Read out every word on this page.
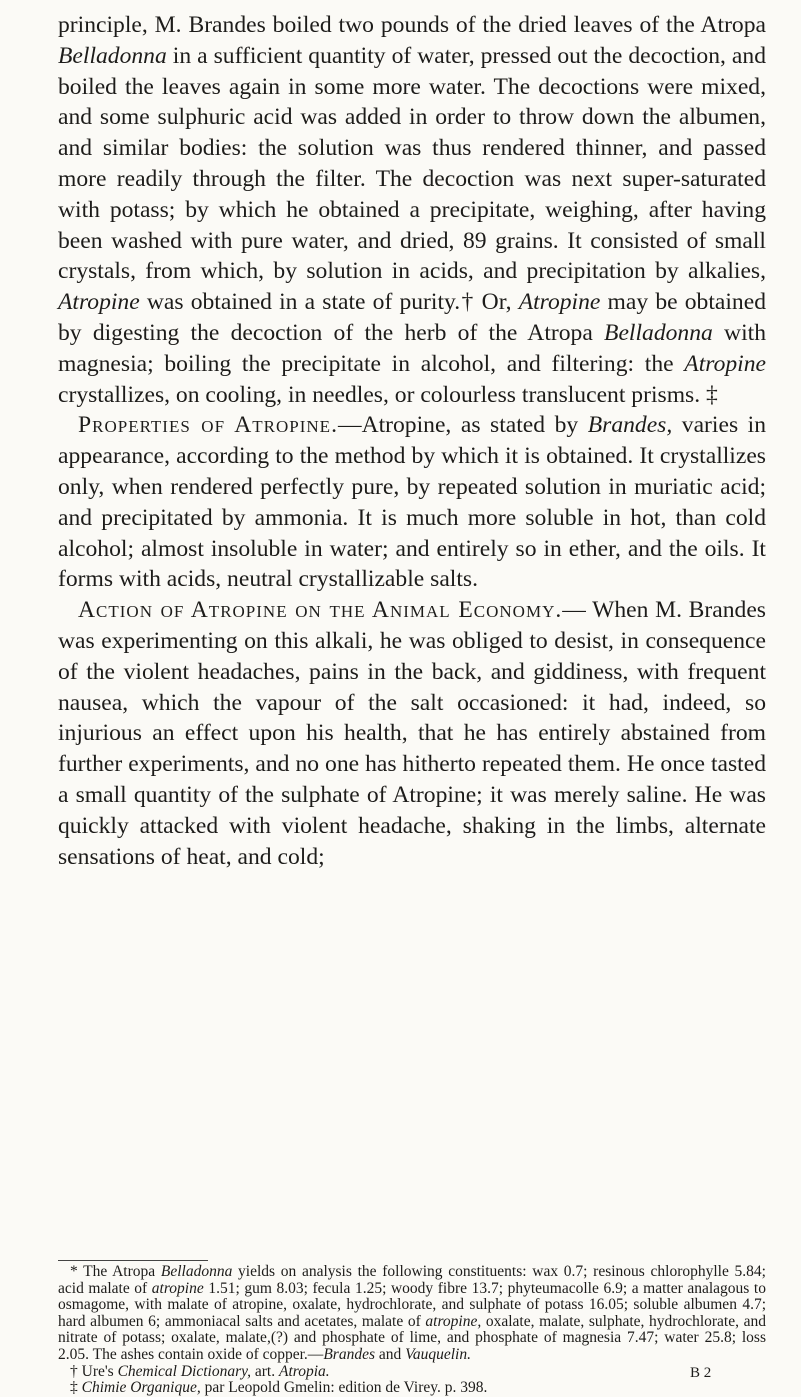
principle, M. Brandes boiled two pounds of the dried leaves of the Atropa Belladonna in a sufficient quantity of water, pressed out the decoction, and boiled the leaves again in some more water. The decoctions were mixed, and some sulphuric acid was added in order to throw down the albumen, and similar bodies: the solution was thus rendered thinner, and passed more readily through the filter. The decoction was next super-saturated with potass; by which he obtained a precipitate, weighing, after having been washed with pure water, and dried, 89 grains. It consisted of small crystals, from which, by solution in acids, and precipitation by alkalies, Atropine was obtained in a state of purity.† Or, Atropine may be obtained by digesting the decoction of the herb of the Atropa Belladonna with magnesia; boiling the precipitate in alcohol, and filtering: the Atropine crystallizes, on cooling, in needles, or colourless translucent prisms. ‡

Properties of Atropine.—Atropine, as stated by Brandes, varies in appearance, according to the method by which it is obtained. It crystallizes only, when rendered perfectly pure, by repeated solution in muriatic acid; and precipitated by ammonia. It is much more soluble in hot, than cold alcohol; almost insoluble in water; and entirely so in ether, and the oils. It forms with acids, neutral crystallizable salts.

Action of Atropine on the Animal Economy.— When M. Brandes was experimenting on this alkali, he was obliged to desist, in consequence of the violent headaches, pains in the back, and giddiness, with frequent nausea, which the vapour of the salt occasioned: it had, indeed, so injurious an effect upon his health, that he has entirely abstained from further experiments, and no one has hitherto repeated them. He once tasted a small quantity of the sulphate of Atropine; it was merely saline. He was quickly attacked with violent headache, shaking in the limbs, alternate sensations of heat, and cold;

* The Atropa Belladonna yields on analysis the following constituents: wax 0.7; resinous chlorophylle 5.84; acid malate of atropine 1.51; gum 8.03; fecula 1.25; woody fibre 13.7; phyteumacolle 6.9; a matter analagous to osmagome, with malate of atropine, oxalate, hydrochlorate, and sulphate of potass 16.05; soluble albumen 4.7; hard albumen 6; ammoniacal salts and acetates, malate of atropine, oxalate, malate, sulphate, hydrochlorate, and nitrate of potass; oxalate, malate,(?) and phosphate of lime, and phosphate of magnesia 7.47; water 25.8; loss 2.05. The ashes contain oxide of copper.—Brandes and Vauquelin.

† Ure's Chemical Dictionary, art. Atropia.

‡ Chimie Organique, par Leopold Gmelin: edition de Virey. p. 398.

B 2
